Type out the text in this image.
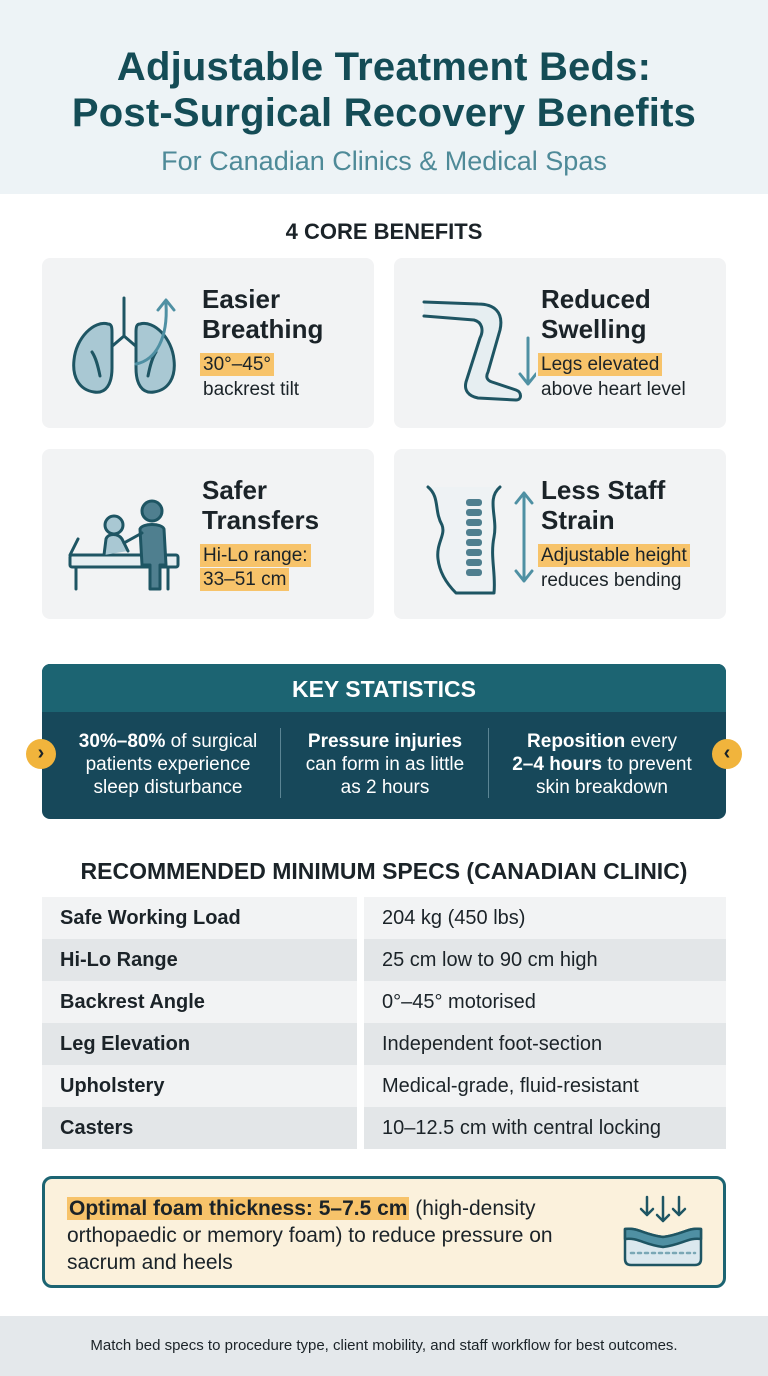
Adjustable Treatment Beds:
Post-Surgical Recovery Benefits
For Canadian Clinics & Medical Spas
4 CORE BENEFITS
Easier
Breathing
30°–45°
backrest tilt
Reduced
Swelling
Legs elevated
above heart level
Safer
Transfers
Hi-Lo range:
33–51 cm
Less Staff
Strain
Adjustable height
reduces bending
KEY STATISTICS
30%–80% of surgical
patients experience
sleep disturbance
Pressure injuries
can form in as little
as 2 hours
Reposition every
2–4 hours to prevent
skin breakdown
›	‹
RECOMMENDED MINIMUM SPECS (CANADIAN CLINIC)
Safe Working Load	204 kg (450 lbs)
Hi-Lo Range	25 cm low to 90 cm high
Backrest Angle	0°–45° motorised
Leg Elevation	Independent foot-section
Upholstery	Medical-grade, fluid-resistant
Casters	10–12.5 cm with central locking
Optimal foam thickness: 5–7.5 cm (high-density orthopaedic or memory foam) to reduce pressure on sacrum and heels
Match bed specs to procedure type, client mobility, and staff workflow for best outcomes.
